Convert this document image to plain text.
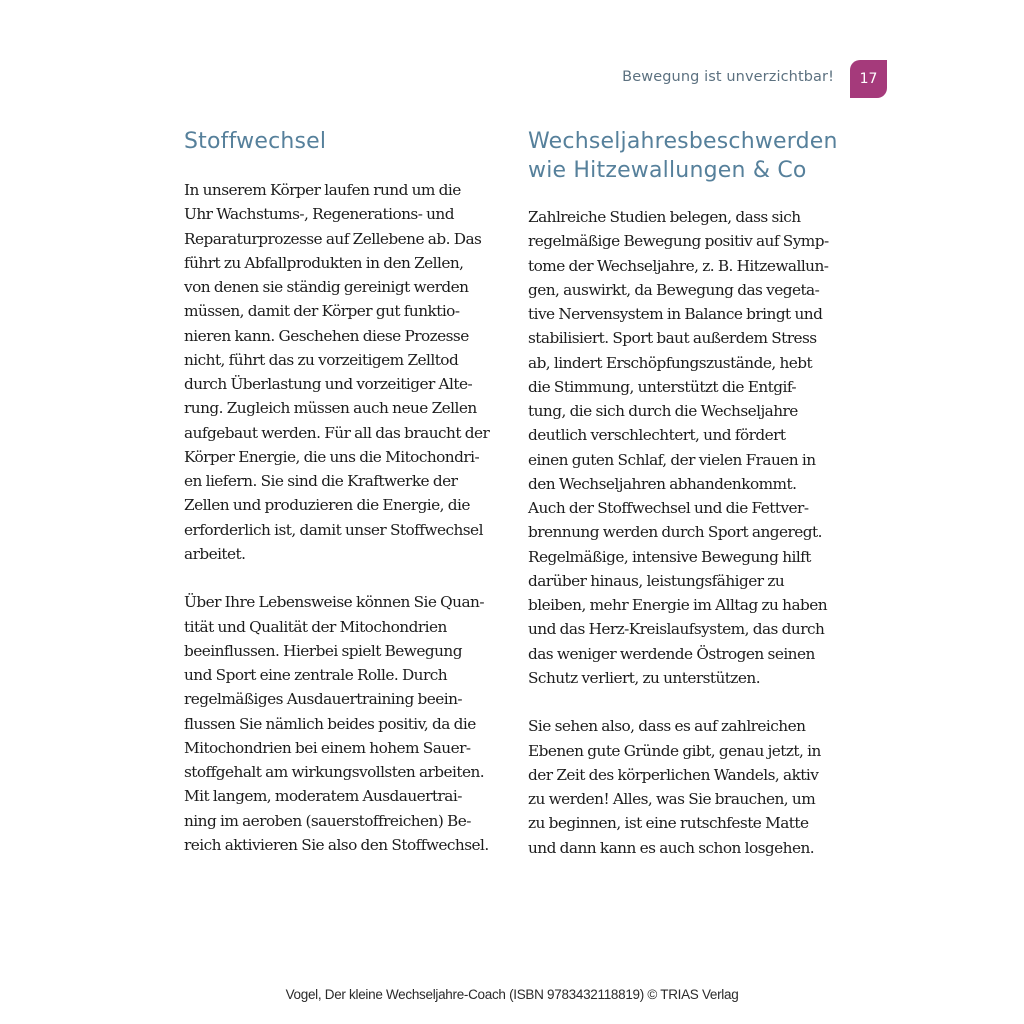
Bewegung ist unverzichtbar!	17
Stoffwechsel

In unserem Körper laufen rund um die
Uhr Wachstums-, Regenerations- und
Reparaturprozesse auf Zellebene ab. Das
führt zu Abfallprodukten in den Zellen,
von denen sie ständig gereinigt werden
müssen, damit der Körper gut funktio-
nieren kann. Geschehen diese Prozesse
nicht, führt das zu vorzeitigem Zelltod
durch Überlastung und vorzeitiger Alte-
rung. Zugleich müssen auch neue Zellen
aufgebaut werden. Für all das braucht der
Körper Energie, die uns die Mitochondri-
en liefern. Sie sind die Kraftwerke der
Zellen und produzieren die Energie, die
erforderlich ist, damit unser Stoffwechsel
arbeitet.

Über Ihre Lebensweise können Sie Quan-
tität und Qualität der Mitochondrien
beeinflussen. Hierbei spielt Bewegung
und Sport eine zentrale Rolle. Durch
regelmäßiges Ausdauertraining beein-
flussen Sie nämlich beides positiv, da die
Mitochondrien bei einem hohem Sauer-
stoffgehalt am wirkungsvollsten arbeiten.
Mit langem, moderatem Ausdauertrai-
ning im aeroben (sauerstoffreichen) Be-
reich aktivieren Sie also den Stoffwechsel.

Wechseljahresbeschwerden
wie Hitzewallungen & Co

Zahlreiche Studien belegen, dass sich
regelmäßige Bewegung positiv auf Symp-
tome der Wechseljahre, z. B. Hitzewallun-
gen, auswirkt, da Bewegung das vegeta-
tive Nervensystem in Balance bringt und
stabilisiert. Sport baut außerdem Stress
ab, lindert Erschöpfungszustände, hebt
die Stimmung, unterstützt die Entgif-
tung, die sich durch die Wechseljahre
deutlich verschlechtert, und fördert
einen guten Schlaf, der vielen Frauen in
den Wechseljahren abhandenkommt.
Auch der Stoffwechsel und die Fettver-
brennung werden durch Sport angeregt.
Regelmäßige, intensive Bewegung hilft
darüber hinaus, leistungsfähiger zu
bleiben, mehr Energie im Alltag zu haben
und das Herz-Kreislaufsystem, das durch
das weniger werdende Östrogen seinen
Schutz verliert, zu unterstützen.

Sie sehen also, dass es auf zahlreichen
Ebenen gute Gründe gibt, genau jetzt, in
der Zeit des körperlichen Wandels, aktiv
zu werden! Alles, was Sie brauchen, um
zu beginnen, ist eine rutschfeste Matte
und dann kann es auch schon losgehen.

Vogel, Der kleine Wechseljahre-Coach (ISBN 9783432118819) © TRIAS Verlag
